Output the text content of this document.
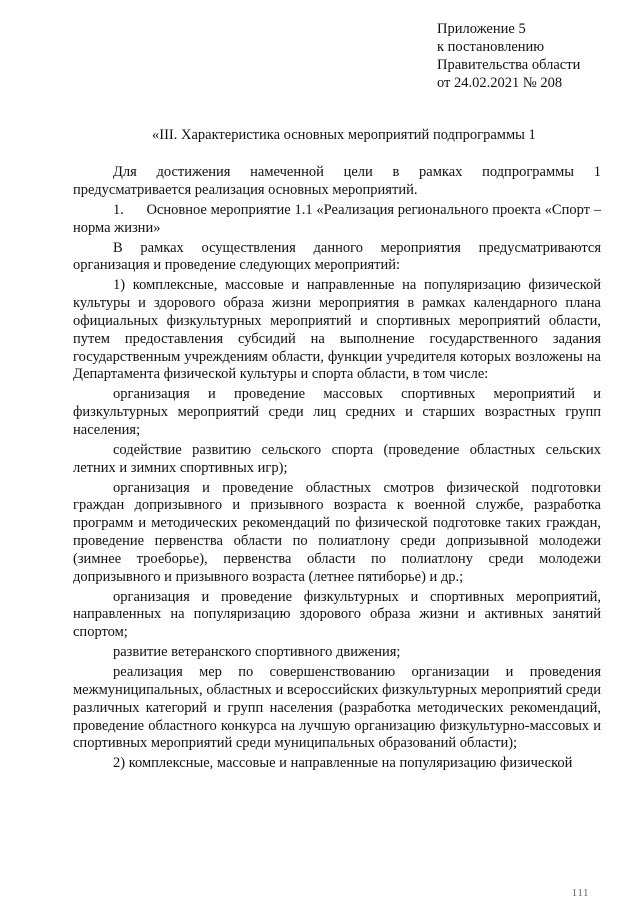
Приложение 5
к постановлению
Правительства области
от 24.02.2021 № 208
«III. Характеристика основных мероприятий подпрограммы 1

Для достижения намеченной цели в рамках подпрограммы 1 предусматривается реализация основных мероприятий.

1.      Основное мероприятие 1.1 «Реализация регионального проекта «Спорт – норма жизни»

В рамках осуществления данного мероприятия предусматриваются организация и проведение следующих мероприятий:

1) комплексные, массовые и направленные на популяризацию физической культуры и здорового образа жизни мероприятия в рамках календарного плана официальных физкультурных мероприятий и спортивных мероприятий области, путем предоставления субсидий на выполнение государственного задания государственным учреждениям области, функции учредителя которых возложены на Департамента физической культуры и спорта области, в том числе:

организация и проведение массовых спортивных мероприятий и физкультурных мероприятий среди лиц средних и старших возрастных групп населения;

содействие развитию сельского спорта (проведение областных сельских летних и зимних спортивных игр);

организация и проведение областных смотров физической подготовки граждан допризывного и призывного возраста к военной службе, разработка программ и методических рекомендаций по физической подготовке таких граждан, проведение первенства области по полиатлону среди допризывной молодежи (зимнее троеборье), первенства области по полиатлону среди молодежи допризывного и призывного возраста (летнее пятиборье) и др.;

организация и проведение физкультурных и спортивных мероприятий, направленных на популяризацию здорового образа жизни и активных занятий спортом;

развитие ветеранского спортивного движения;

реализация мер по совершенствованию организации и проведения межмуниципальных, областных и всероссийских физкультурных мероприятий среди различных категорий и групп населения (разработка методических рекомендаций, проведение областного конкурса на лучшую организацию физкультурно-массовых и спортивных мероприятий среди муниципальных образований области);

2) комплексные, массовые и направленные на популяризацию физической

111
